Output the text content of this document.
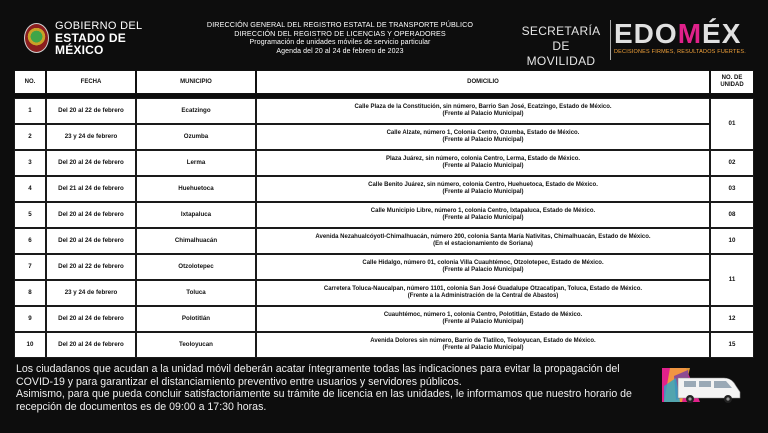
GOBIERNO DEL
ESTADO DE MÉXICO
DIRECCIÓN GENERAL DEL REGISTRO ESTATAL DE TRANSPORTE PÚBLICO
DIRECCIÓN DEL REGISTRO DE LICENCIAS Y OPERADORES
Programación de unidades móviles de servicio particular
Agenda del 20 al 24 de febrero de 2023
SECRETARÍA DE
MOVILIDAD
EDOMÉX
DECISIONES FIRMES, RESULTADOS FUERTES.
NO.	FECHA	MUNICIPIO	DOMICILIO	NO. DE UNIDAD

1	Del 20 al 22 de febrero	Ecatzingo	Calle Plaza de la Constitución, sin número, Barrio San José, Ecatzingo, Estado de México.
(Frente al Palacio Municipal)	01
2	23 y 24 de febrero	Ozumba	Calle Alzate, número 1, Colonia Centro, Ozumba, Estado de México.
(Frente al Palacio Municipal)	

3	Del 20 al 24 de febrero	Lerma	Plaza Juárez, sin número, colonia Centro, Lerma, Estado de México.
(Frente al Palacio Municipal)	02
4	Del 21 al 24 de febrero	Huehuetoca	Calle Benito Juárez, sin número, colonia Centro, Huehuetoca, Estado de México.
(Frente al Palacio Municipal)	03
5	Del 20 al 24 de febrero	Ixtapaluca	Calle Municipio Libre, número 1, colonia Centro, Ixtapaluca, Estado de México.
(Frente al Palacio Municipal)	08
6	Del 20 al 24 de febrero	Chimalhuacán	Avenida Nezahualcóyotl-Chimalhuacán, número 200, colonia Santa María Nativitas, Chimalhuacán, Estado de México.
(En el estacionamiento de Soriana)	10
7	Del 20 al 22 de febrero	Otzolotepec	Calle Hidalgo, número 01, colonia Villa Cuauhtémoc, Otzolotepec, Estado de México.
(Frente al Palacio Municipal)	11
8	23 y 24 de febrero	Toluca	Carretera Toluca-Naucalpan, número 1101, colonia San José Guadalupe Otzacatipan, Toluca, Estado de México.
(Frente a la Administración de la Central de Abastos)	

9	Del 20 al 24 de febrero	Polotitlán	Cuauhtémoc, número 1, colonia Centro, Polotitlán, Estado de México.
(Frente al Palacio Municipal)	12
10	Del 20 al 24 de febrero	Teoloyucan	Avenida Dolores sin número, Barrio de Tlatilco, Teoloyucan, Estado de México.
(Frente al Palacio Municipal)	15
Los ciudadanos que acudan a la unidad móvil deberán acatar íntegramente todas las indicaciones para evitar la propagación del COVID-19 y para garantizar el distanciamiento preventivo entre usuarios y servidores públicos.
Asimismo, para que pueda concluir satisfactoriamente su trámite de licencia en las unidades, le informamos que nuestro horario de recepción de documentos es de 09:00 a 17:30 horas.
